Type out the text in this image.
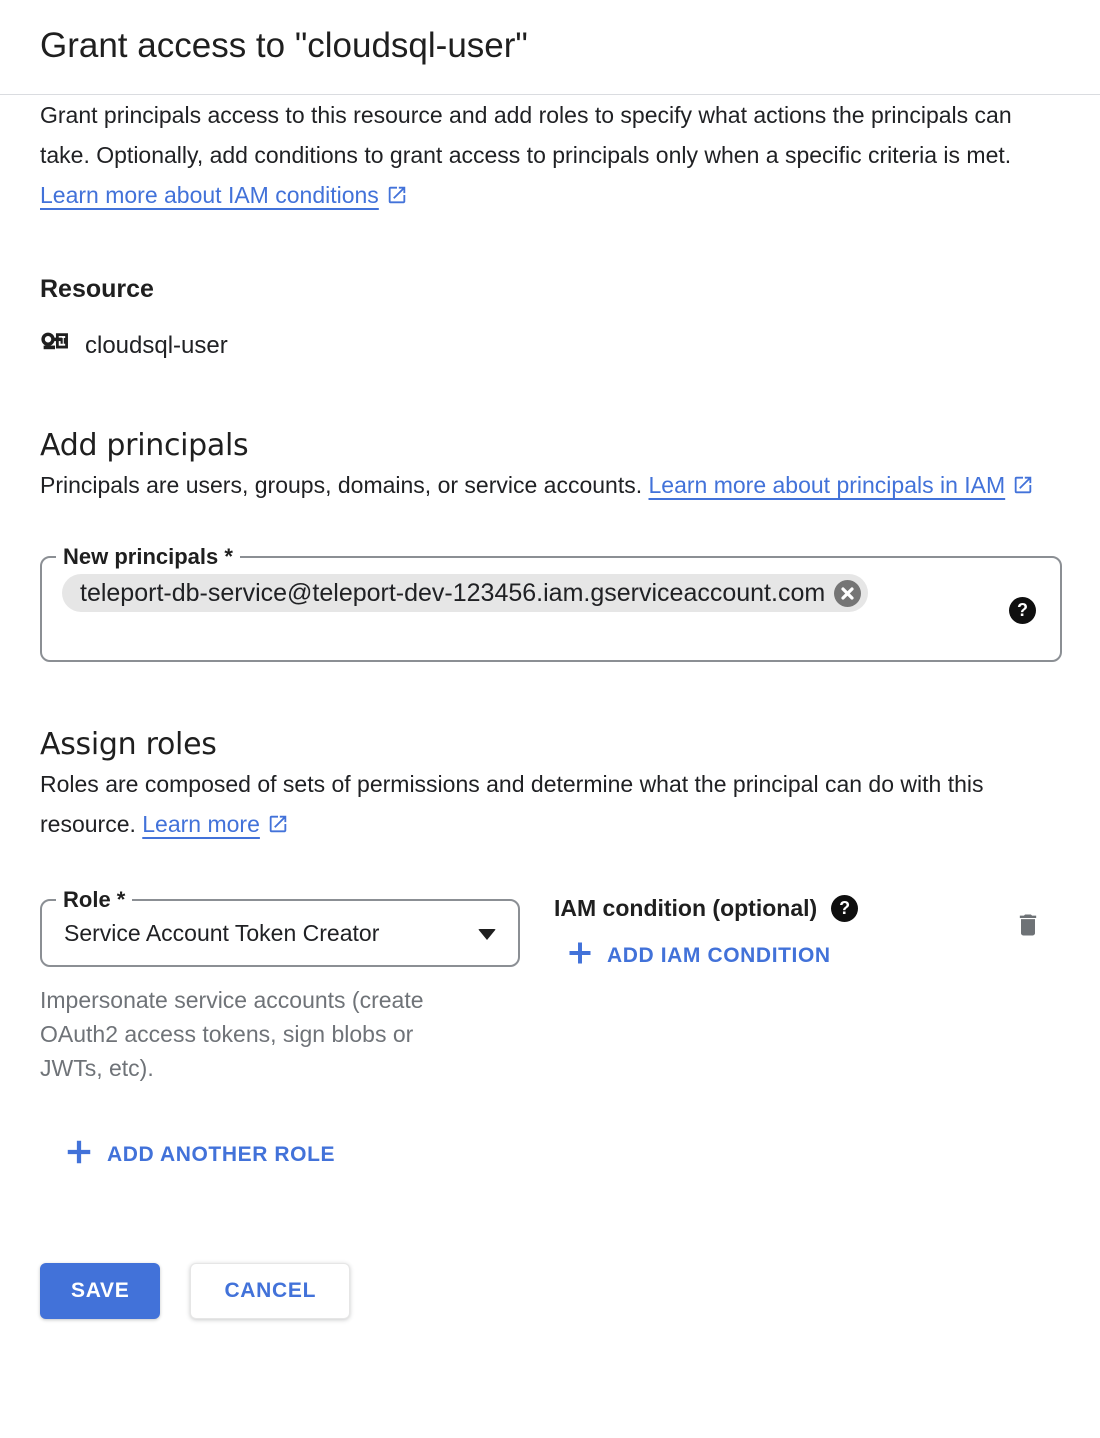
Grant access to "cloudsql-user"

Grant principals access to this resource and add roles to specify what actions the principals can take. Optionally, add conditions to grant access to principals only when a specific criteria is met. Learn more about IAM conditions

Resource
cloudsql-user
Add principals

Principals are users, groups, domains, or service accounts. Learn more about principals in IAM

New principals *
teleport-db-service@teleport-dev-123456.iam.gserviceaccount.com
?
Assign roles

Roles are composed of sets of permissions and determine what the principal can do with this resource. Learn more

Role *
Service Account Token Creator
Impersonate service accounts (create OAuth2 access tokens, sign blobs or JWTs, etc).
IAM condition (optional)	?
ADD IAM CONDITION
ADD ANOTHER ROLE
SAVE	CANCEL
